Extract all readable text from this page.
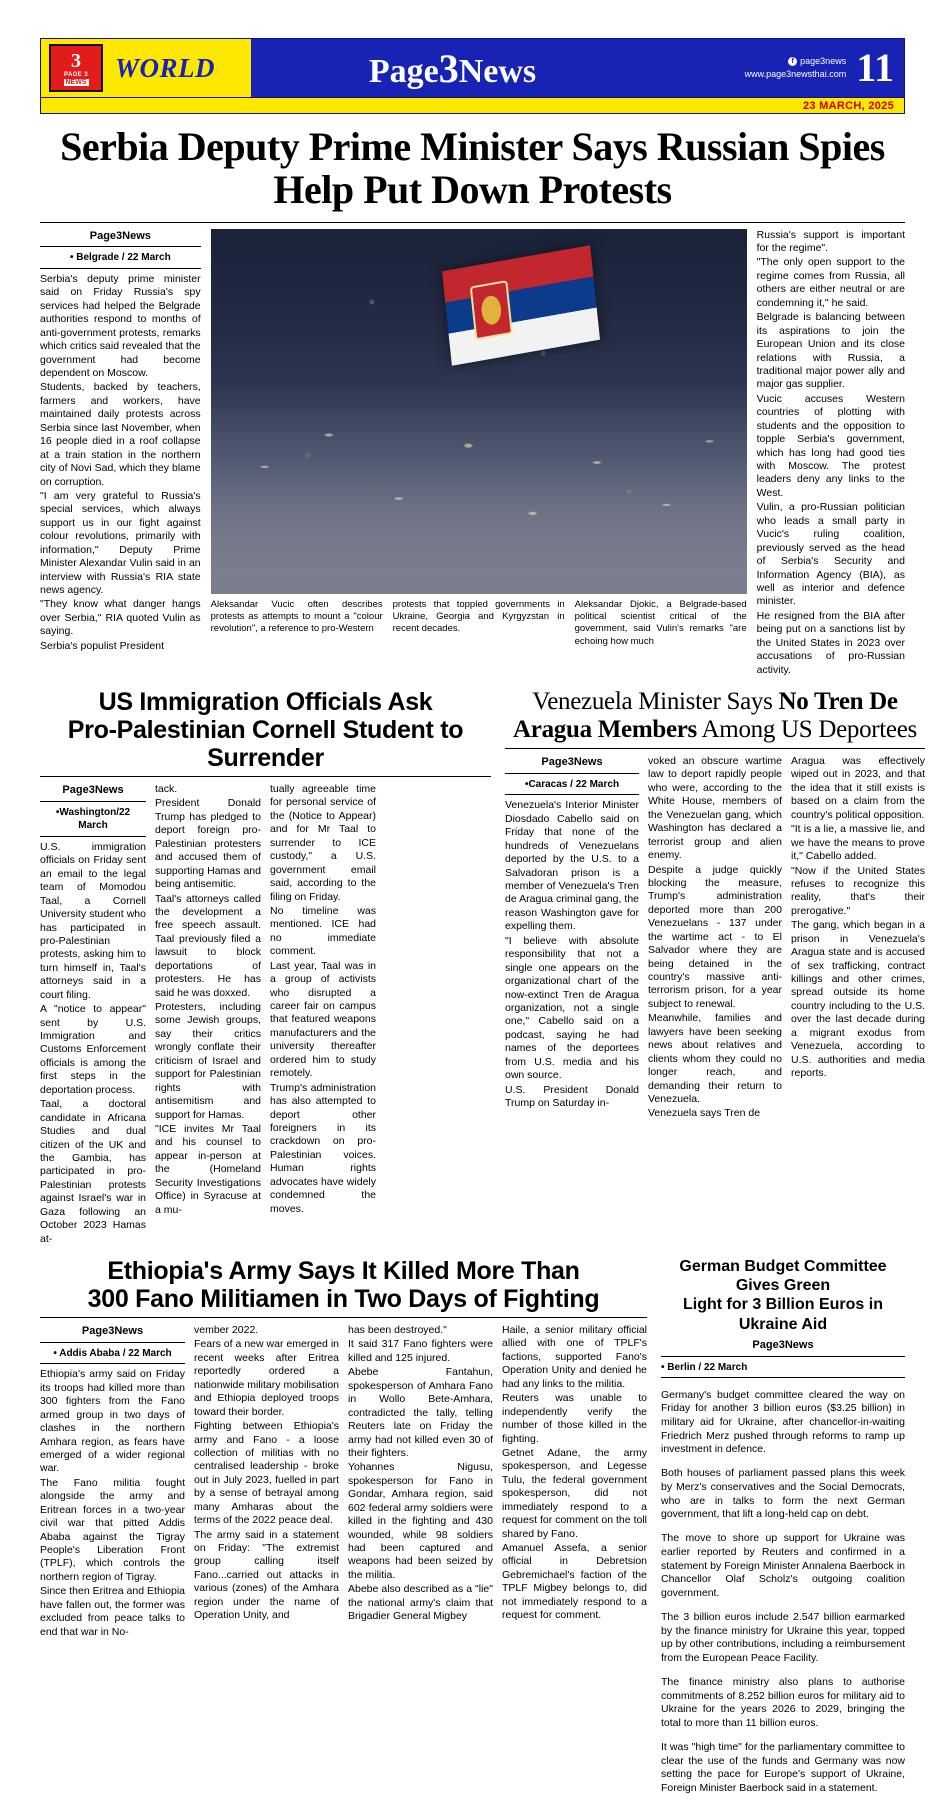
3
PAGE 3
NEWS WORLD	Page3News	f page3news
www.page3newsthai.com 11
23 MARCH, 2025
Serbia Deputy Prime Minister Says Russian Spies Help Put Down Protests
Page3News
• Belgrade / 22 March

Serbia's deputy prime minister said on Friday Russia's spy services had helped the Belgrade authorities respond to months of anti-government protests, remarks which critics said revealed that the government had become dependent on Moscow.

Students, backed by teachers, farmers and workers, have maintained daily protests across Serbia since last November, when 16 people died in a roof collapse at a train station in the northern city of Novi Sad, which they blame on corruption.

"I am very grateful to Russia's special services, which always support us in our fight against colour revolutions, primarily with information," Deputy Prime Minister Alexandar Vulin said in an interview with Russia's RIA state news agency.

"They know what danger hangs over Serbia," RIA quoted Vulin as saying.

Serbia's populist President

Aleksandar Vucic often describes protests as attempts to mount a "colour revolution", a reference to pro-Western
protests that toppled governments in Ukraine, Georgia and Kyrgyzstan in recent decades.
Aleksandar Djokic, a Belgrade-based political scientist critical of the government, said Vulin's remarks "are echoing how much

Russia's support is important for the regime".

"The only open support to the regime comes from Russia, all others are either neutral or are condemning it," he said.

Belgrade is balancing between its aspirations to join the European Union and its close relations with Russia, a traditional major power ally and major gas supplier.

Vucic accuses Western countries of plotting with students and the opposition to topple Serbia's government, which has long had good ties with Moscow. The protest leaders deny any links to the West.

Vulin, a pro-Russian politician who leads a small party in Vucic's ruling coalition, previously served as the head of Serbia's Security and Information Agency (BIA), as well as interior and defence minister.

He resigned from the BIA after being put on a sanctions list by the United States in 2023 over accusations of pro-Russian activity.

US Immigration Officials Ask
Pro-Palestinian Cornell Student to Surrender
Page3News
•Washington/22 March

U.S. immigration officials on Friday sent an email to the legal team of Momodou Taal, a Cornell University student who has participated in pro-Palestinian protests, asking him to turn himself in, Taal's attorneys said in a court filing.

A "notice to appear" sent by U.S. Immigration and Customs Enforcement officials is among the first steps in the deportation process.

Taal, a doctoral candidate in Africana Studies and dual citizen of the UK and the Gambia, has participated in pro-Palestinian protests against Israel's war in Gaza following an October 2023 Hamas at-

tack.

President Donald Trump has pledged to deport foreign pro-Palestinian protesters and accused them of supporting Hamas and being antisemitic.

Taal's attorneys called the development a free speech assault. Taal previously filed a lawsuit to block deportations of protesters. He has said he was doxxed.

Protesters, including some Jewish groups, say their critics wrongly conflate their criticism of Israel and support for Palestinian rights with antisemitism and support for Hamas.

"ICE invites Mr Taal and his counsel to appear in-person at the (Homeland Security Investigations Office) in Syracuse at a mu-

tually agreeable time for personal service of the (Notice to Appear) and for Mr Taal to surrender to ICE custody," a U.S. government email said, according to the filing on Friday.

No timeline was mentioned. ICE had no immediate comment.

Last year, Taal was in a group of activists who disrupted a career fair on campus that featured weapons manufacturers and the university thereafter ordered him to study remotely.

Trump's administration has also attempted to deport other foreigners in its crackdown on pro-Palestinian voices. Human rights advocates have widely condemned the moves.

Venezuela Minister Says No Tren De
Aragua Members Among US Deportees
Page3News
•Caracas / 22 March

Venezuela's Interior Minister Diosdado Cabello said on Friday that none of the hundreds of Venezuelans deported by the U.S. to a Salvadoran prison is a member of Venezuela's Tren de Aragua criminal gang, the reason Washington gave for expelling them.

"I believe with absolute responsibility that not a single one appears on the organizational chart of the now-extinct Tren de Aragua organization, not a single one," Cabello said on a podcast, saying he had names of the deportees from U.S. media and his own source.

U.S. President Donald Trump on Saturday in-

voked an obscure wartime law to deport rapidly people who were, according to the White House, members of the Venezuelan gang, which Washington has declared a terrorist group and alien enemy.

Despite a judge quickly blocking the measure, Trump's administration deported more than 200 Venezuelans - 137 under the wartime act - to El Salvador where they are being detained in the country's massive anti-terrorism prison, for a year subject to renewal.

Meanwhile, families and lawyers have been seeking news about relatives and clients whom they could no longer reach, and demanding their return to Venezuela.

Venezuela says Tren de

Aragua was effectively wiped out in 2023, and that the idea that it still exists is based on a claim from the country's political opposition.

"It is a lie, a massive lie, and we have the means to prove it," Cabello added.

"Now if the United States refuses to recognize this reality, that's their prerogative."

The gang, which began in a prison in Venezuela's Aragua state and is accused of sex trafficking, contract killings and other crimes, spread outside its home country including to the U.S. over the last decade during a migrant exodus from Venezuela, according to U.S. authorities and media reports.

Ethiopia's Army Says It Killed More Than
300 Fano Militiamen in Two Days of Fighting
Page3News
• Addis Ababa / 22 March

Ethiopia's army said on Friday its troops had killed more than 300 fighters from the Fano armed group in two days of clashes in the northern Amhara region, as fears have emerged of a wider regional war.

The Fano militia fought alongside the army and Eritrean forces in a two-year civil war that pitted Addis Ababa against the Tigray People's Liberation Front (TPLF), which controls the northern region of Tigray.

Since then Eritrea and Ethiopia have fallen out, the former was excluded from peace talks to end that war in No-

vember 2022.

Fears of a new war emerged in recent weeks after Eritrea reportedly ordered a nationwide military mobilisation and Ethiopia deployed troops toward their border.

Fighting between Ethiopia's army and Fano - a loose collection of militias with no centralised leadership - broke out in July 2023, fuelled in part by a sense of betrayal among many Amharas about the terms of the 2022 peace deal.

The army said in a statement on Friday: "The extremist group calling itself Fano...carried out attacks in various (zones) of the Amhara region under the name of Operation Unity, and

has been destroyed."

It said 317 Fano fighters were killed and 125 injured.

Abebe Fantahun, spokesperson of Amhara Fano in Wollo Bete-Amhara, contradicted the tally, telling Reuters late on Friday the army had not killed even 30 of their fighters.

Yohannes Nigusu, spokesperson for Fano in Gondar, Amhara region, said 602 federal army soldiers were killed in the fighting and 430 wounded, while 98 soldiers had been captured and weapons had been seized by the militia.

Abebe also described as a "lie" the national army's claim that Brigadier General Migbey

Haile, a senior military official allied with one of TPLF's factions, supported Fano's Operation Unity and denied he had any links to the militia.

Reuters was unable to independently verify the number of those killed in the fighting.

Getnet Adane, the army spokesperson, and Legesse Tulu, the federal government spokesperson, did not immediately respond to a request for comment on the toll shared by Fano.

Amanuel Assefa, a senior official in Debretsion Gebremichael's faction of the TPLF Migbey belongs to, did not immediately respond to a request for comment.

German Budget Committee Gives Green
Light for 3 Billion Euros in Ukraine Aid
Page3News
• Berlin / 22 March

Germany's budget committee cleared the way on Friday for another 3 billion euros ($3.25 billion) in military aid for Ukraine, after chancellor-in-waiting Friedrich Merz pushed through reforms to ramp up investment in defence.

Both houses of parliament passed plans this week by Merz's conservatives and the Social Democrats, who are in talks to form the next German government, that lift a long-held cap on debt.

The move to shore up support for Ukraine was earlier reported by Reuters and confirmed in a statement by Foreign Minister Annalena Baerbock in Chancellor Olaf Scholz's outgoing coalition government.

The 3 billion euros include 2.547 billion earmarked by the finance ministry for Ukraine this year, topped up by other contributions, including a reimbursement from the European Peace Facility.

The finance ministry also plans to authorise commitments of 8.252 billion euros for military aid to Ukraine for the years 2026 to 2029, bringing the total to more than 11 billion euros.

It was "high time" for the parliamentary committee to clear the use of the funds and Germany was now setting the pace for Europe's support of Ukraine, Foreign Minister Baerbock said in a statement.
